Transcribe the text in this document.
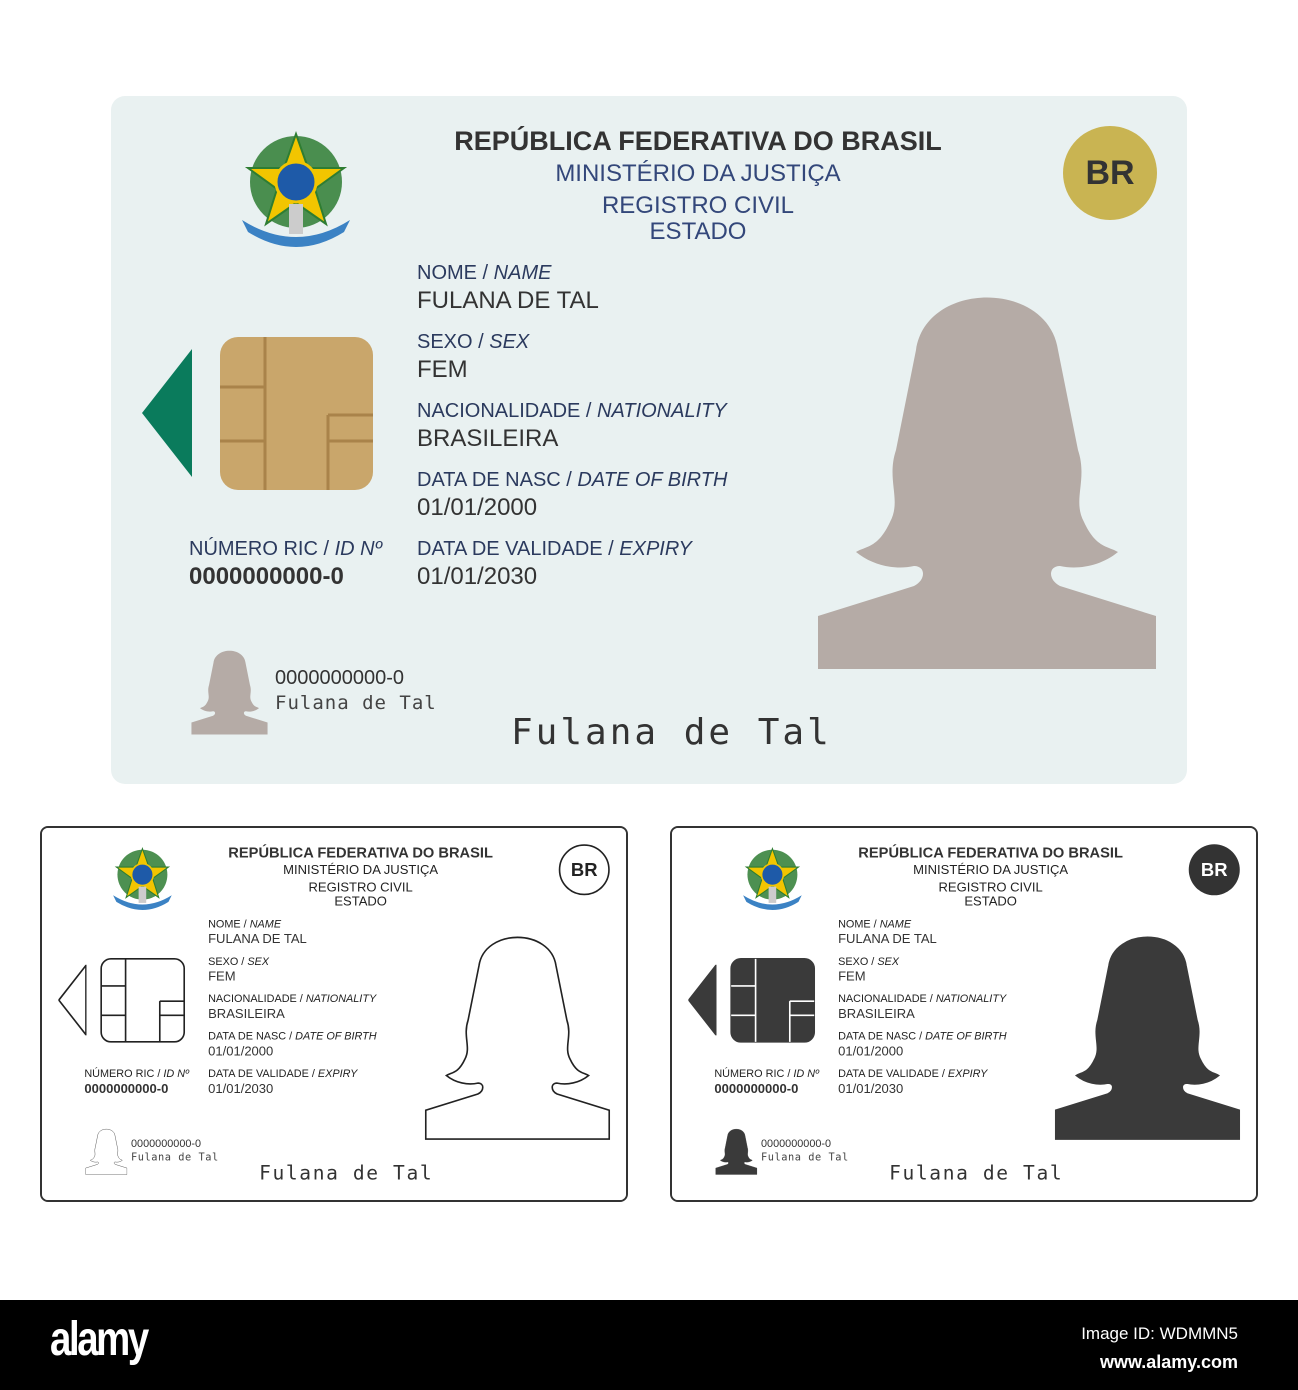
REPÚBLICA FEDERATIVA DO BRASIL
MINISTÉRIO DA JUSTIÇA
REGISTRO CIVIL
ESTADO
BR
NOME / NAME
FULANA DE TAL
SEXO / SEX
FEM
NACIONALIDADE / NATIONALITY
BRASILEIRA
DATA DE NASC / DATE OF BIRTH
01/01/2000
DATA DE VALIDADE / EXPIRY
01/01/2030
NÚMERO RIC / ID Nº
0000000000-0
0000000000-0
Fulana de Tal
Fulana de Tal
REPÚBLICA FEDERATIVA DO BRASIL
MINISTÉRIO DA JUSTIÇA
REGISTRO CIVIL
ESTADO
BR
NOME / NAME
FULANA DE TAL
SEXO / SEX
FEM
NACIONALIDADE / NATIONALITY
BRASILEIRA
DATA DE NASC / DATE OF BIRTH
01/01/2000
DATA DE VALIDADE / EXPIRY
01/01/2030
NÚMERO RIC / ID Nº
0000000000-0
0000000000-0
Fulana de Tal
Fulana de Tal
REPÚBLICA FEDERATIVA DO BRASIL
MINISTÉRIO DA JUSTIÇA
REGISTRO CIVIL
ESTADO
BR
NOME / NAME
FULANA DE TAL
SEXO / SEX
FEM
NACIONALIDADE / NATIONALITY
BRASILEIRA
DATA DE NASC / DATE OF BIRTH
01/01/2000
DATA DE VALIDADE / EXPIRY
01/01/2030
NÚMERO RIC / ID Nº
0000000000-0
0000000000-0
Fulana de Tal
Fulana de Tal
alamy	Image ID: WDMMN5
www.alamy.com
